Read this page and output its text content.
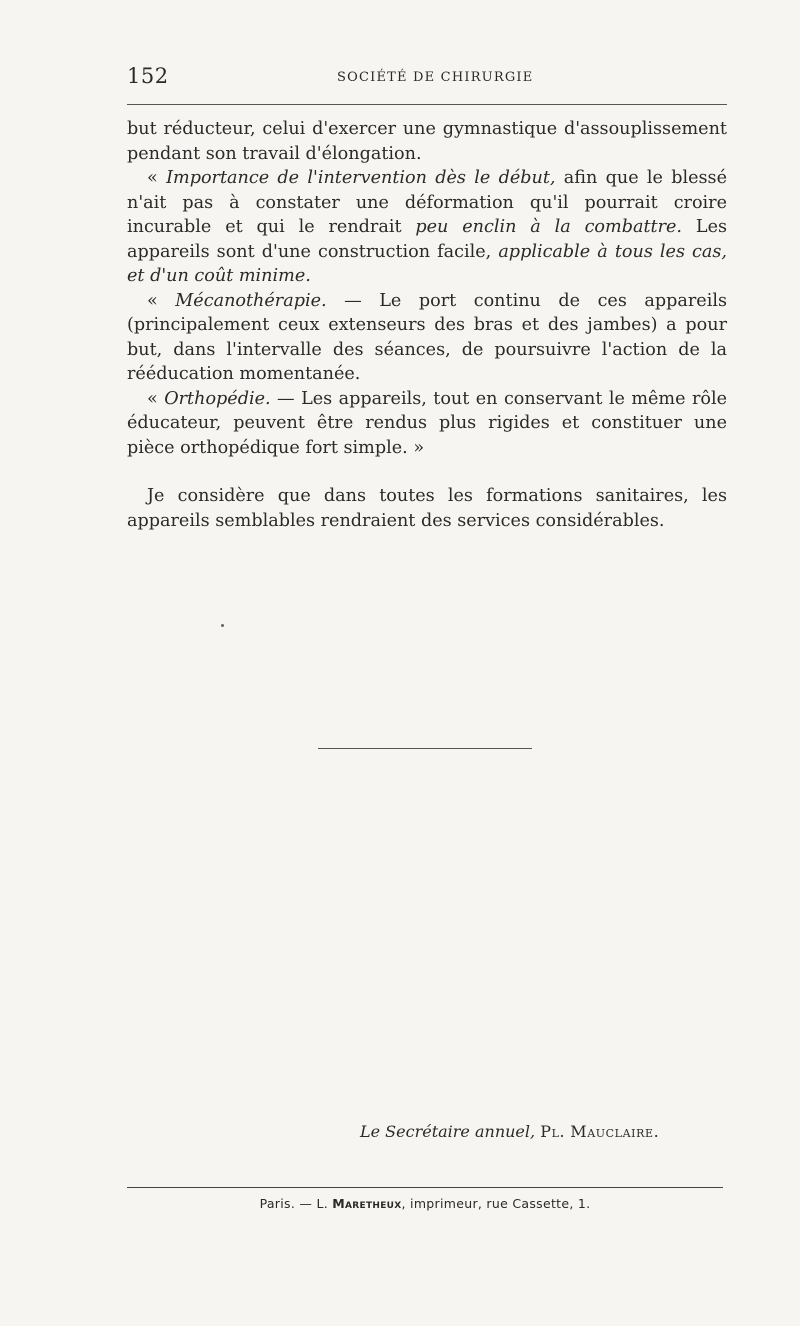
152	SOCIÉTÉ DE CHIRURGIE

but réducteur, celui d'exercer une gymnastique d'assouplissement pendant son travail d'élongation.

« Importance de l'intervention dès le début, afin que le blessé n'ait pas à constater une déformation qu'il pourrait croire incurable et qui le rendrait peu enclin à la combattre. Les appareils sont d'une construction facile, applicable à tous les cas, et d'un coût minime.

« Mécanothérapie. — Le port continu de ces appareils (principalement ceux extenseurs des bras et des jambes) a pour but, dans l'intervalle des séances, de poursuivre l'action de la rééducation momentanée.

« Orthopédie. — Les appareils, tout en conservant le même rôle éducateur, peuvent être rendus plus rigides et constituer une pièce orthopédique fort simple. »

Je considère que dans toutes les formations sanitaires, les appareils semblables rendraient des services considérables.

Le Secrétaire annuel, Pl. Mauclaire.
Paris. — L. Maretheux, imprimeur, rue Cassette, 1.
